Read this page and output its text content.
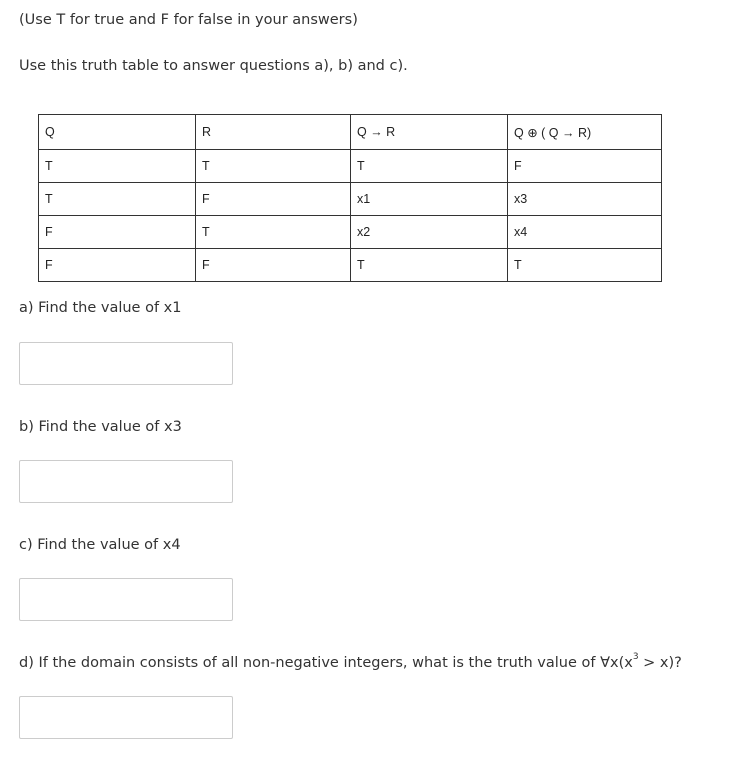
(Use T for true and F for false in your answers)
Use this truth table to answer questions a), b) and c).
Q	R	Q → R	Q ⊕ ( Q → R)
T	T	T	F
T	F	x1	x3
F	T	x2	x4
F	F	T	T
a) Find the value of x1
b) Find the value of x3
c) Find the value of x4
d) If the domain consists of all non-negative integers, what is the truth value of $\forall x(x^3 > x)$?
